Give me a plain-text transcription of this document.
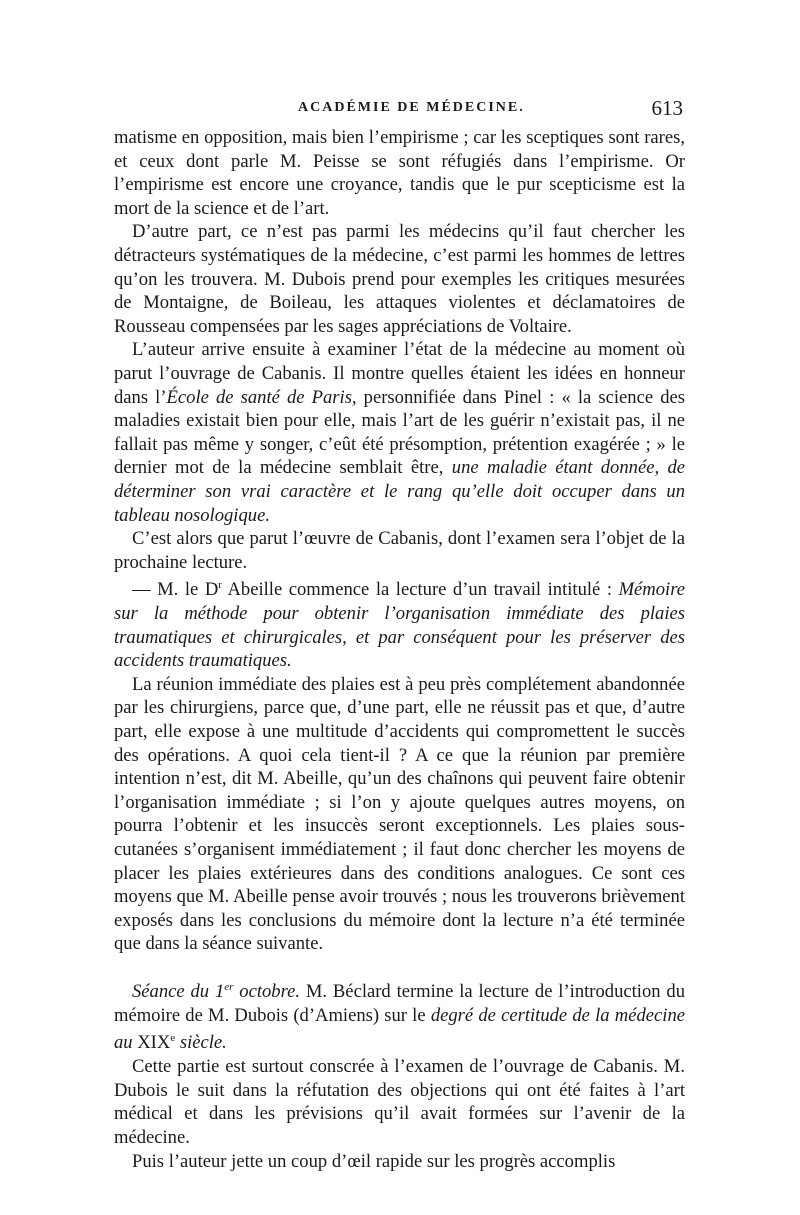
ACADÉMIE DE MÉDECINE.	613

matisme en opposition, mais bien l’empirisme ; car les sceptiques sont rares, et ceux dont parle M. Peisse se sont réfugiés dans l’empirisme. Or l’empirisme est encore une croyance, tandis que le pur scepticisme est la mort de la science et de l’art.

D’autre part, ce n’est pas parmi les médecins qu’il faut chercher les détracteurs systématiques de la médecine, c’est parmi les hommes de lettres qu’on les trouvera. M. Dubois prend pour exemples les critiques mesurées de Montaigne, de Boileau, les attaques violentes et déclamatoires de Rousseau compensées par les sages appréciations de Voltaire.

L’auteur arrive ensuite à examiner l’état de la médecine au moment où parut l’ouvrage de Cabanis. Il montre quelles étaient les idées en honneur dans l’École de santé de Paris, personnifiée dans Pinel : « la science des maladies existait bien pour elle, mais l’art de les guérir n’existait pas, il ne fallait pas même y songer, c’eût été présomption, prétention exagérée ; » le dernier mot de la médecine semblait être, une maladie étant donnée, de déterminer son vrai caractère et le rang qu’elle doit occuper dans un tableau nosologique.

C’est alors que parut l’œuvre de Cabanis, dont l’examen sera l’objet de la prochaine lecture.

— M. le $D^r$ Abeille commence la lecture d’un travail intitulé : Mémoire sur la méthode pour obtenir l’organisation immédiate des plaies traumatiques et chirurgicales, et par conséquent pour les préserver des accidents traumatiques.

La réunion immédiate des plaies est à peu près complétement abandonnée par les chirurgiens, parce que, d’une part, elle ne réussit pas et que, d’autre part, elle expose à une multitude d’accidents qui compromettent le succès des opérations. A quoi cela tient-il ? A ce que la réunion par première intention n’est, dit M. Abeille, qu’un des chaînons qui peuvent faire obtenir l’organisation immédiate ; si l’on y ajoute quelques autres moyens, on pourra l’obtenir et les insuccès seront exceptionnels. Les plaies sous-cutanées s’organisent immédiatement ; il faut donc chercher les moyens de placer les plaies extérieures dans des conditions analogues. Ce sont ces moyens que M. Abeille pense avoir trouvés ; nous les trouverons brièvement exposés dans les conclusions du mémoire dont la lecture n’a été terminée que dans la séance suivante.

Séance du 1er octobre. M. Béclard termine la lecture de l’introduction du mémoire de M. Dubois (d’Amiens) sur le degré de certitude de la médecine au XIXe siècle.

Cette partie est surtout conscrée à l’examen de l’ouvrage de Cabanis. M. Dubois le suit dans la réfutation des objections qui ont été faites à l’art médical et dans les prévisions qu’il avait formées sur l’avenir de la médecine.

Puis l’auteur jette un coup d’œil rapide sur les progrès accomplis
